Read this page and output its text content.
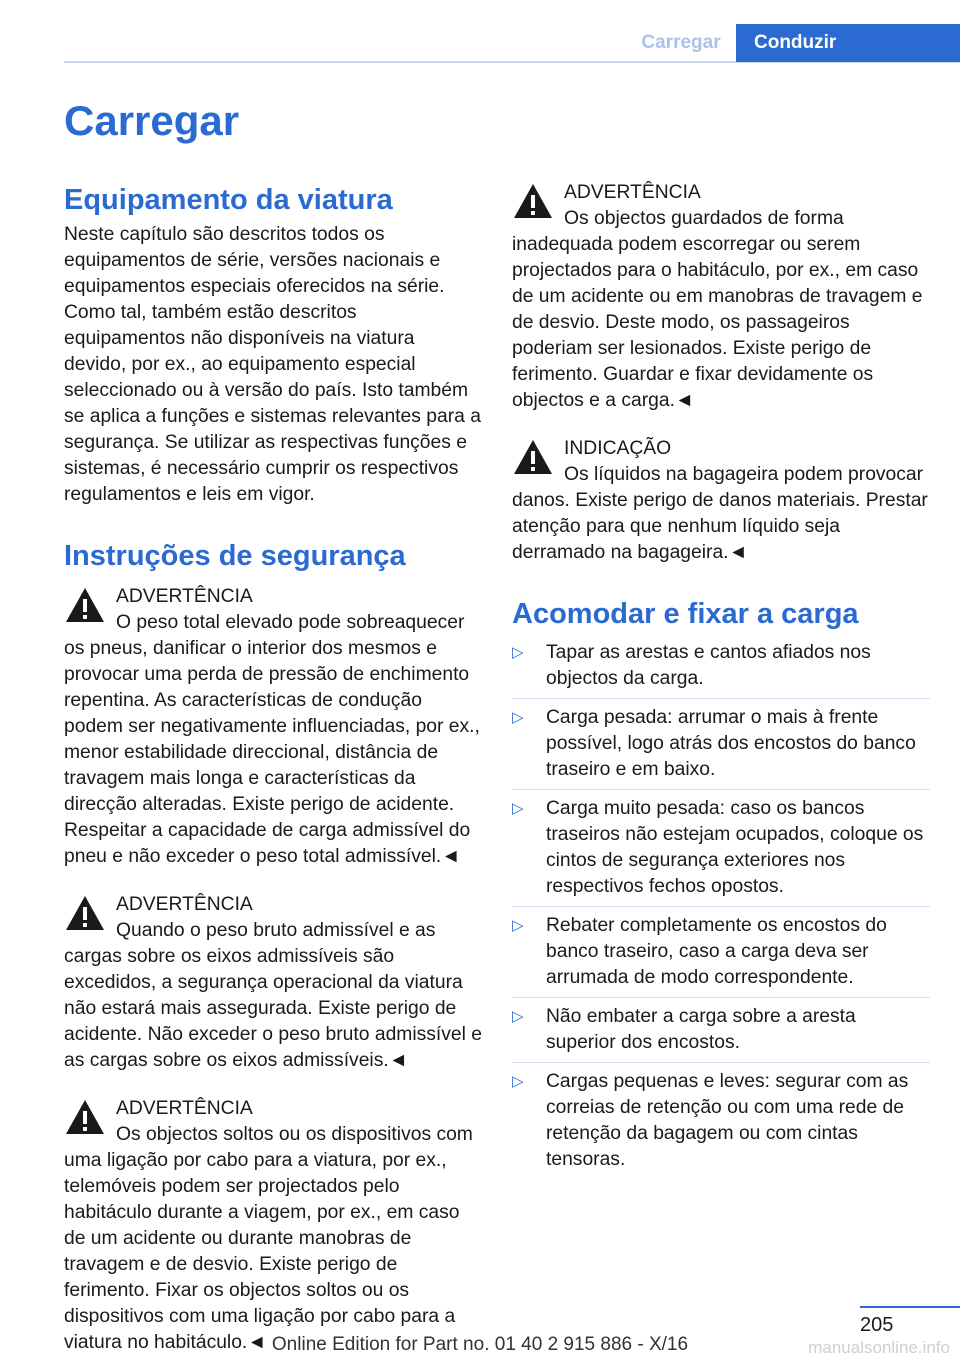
Carregar	Conduzir
Carregar
Equipamento da viatura

Neste capítulo são descritos todos os equipamentos de série, versões nacionais e equipamentos especiais oferecidos na série. Como tal, também estão descritos equipamentos não disponíveis na viatura devido, por ex., ao equipamento especial seleccionado ou à versão do país. Isto também se aplica a funções e sistemas relevantes para a segurança. Se utilizar as respectivas funções e sistemas, é necessário cumprir os respectivos regulamentos e leis em vigor.

Instruções de segurança
ADVERTÊNCIA
O peso total elevado pode sobreaquecer os pneus, danificar o interior dos mesmos e provocar uma perda de pressão de enchimento repentina. As características de condução podem ser negativamente influenciadas, por ex., menor estabilidade direccional, distância de travagem mais longa e características da direcção alteradas. Existe perigo de acidente. Respeitar a capacidade de carga admissível do pneu e não exceder o peso total admissível.◄
ADVERTÊNCIA
Quando o peso bruto admissível e as cargas sobre os eixos admissíveis são excedidos, a segurança operacional da viatura não estará mais assegurada. Existe perigo de acidente. Não exceder o peso bruto admissível e as cargas sobre os eixos admissíveis.◄
ADVERTÊNCIA
Os objectos soltos ou os dispositivos com uma ligação por cabo para a viatura, por ex., telemóveis podem ser projectados pelo habitáculo durante a viagem, por ex., em caso de um acidente ou durante manobras de travagem e de desvio. Existe perigo de ferimento. Fixar os objectos soltos ou os dispositivos com uma ligação por cabo para a viatura no habitáculo.◄
ADVERTÊNCIA
Os objectos guardados de forma inadequada podem escorregar ou serem projectados para o habitáculo, por ex., em caso de um acidente ou em manobras de travagem e de desvio. Deste modo, os passageiros poderiam ser lesionados. Existe perigo de ferimento. Guardar e fixar devidamente os objectos e a carga.◄
INDICAÇÃO
Os líquidos na bagageira podem provocar danos. Existe perigo de danos materiais. Prestar atenção para que nenhum líquido seja derramado na bagageira.◄
Acomodar e fixar a carga
▷ Tapar as arestas e cantos afiados nos objectos da carga.
▷ Carga pesada: arrumar o mais à frente possível, logo atrás dos encostos do banco traseiro e em baixo.
▷ Carga muito pesada: caso os bancos traseiros não estejam ocupados, coloque os cintos de segurança exteriores nos respectivos fechos opostos.
▷ Rebater completamente os encostos do banco traseiro, caso a carga deva ser arrumada de modo correspondente.
▷ Não embater a carga sobre a aresta superior dos encostos.
▷ Cargas pequenas e leves: segurar com as correias de retenção ou com uma rede de retenção da bagagem ou com cintas tensoras.
205
Online Edition for Part no. 01 40 2 915 886 - X/16	manualsonline.info
